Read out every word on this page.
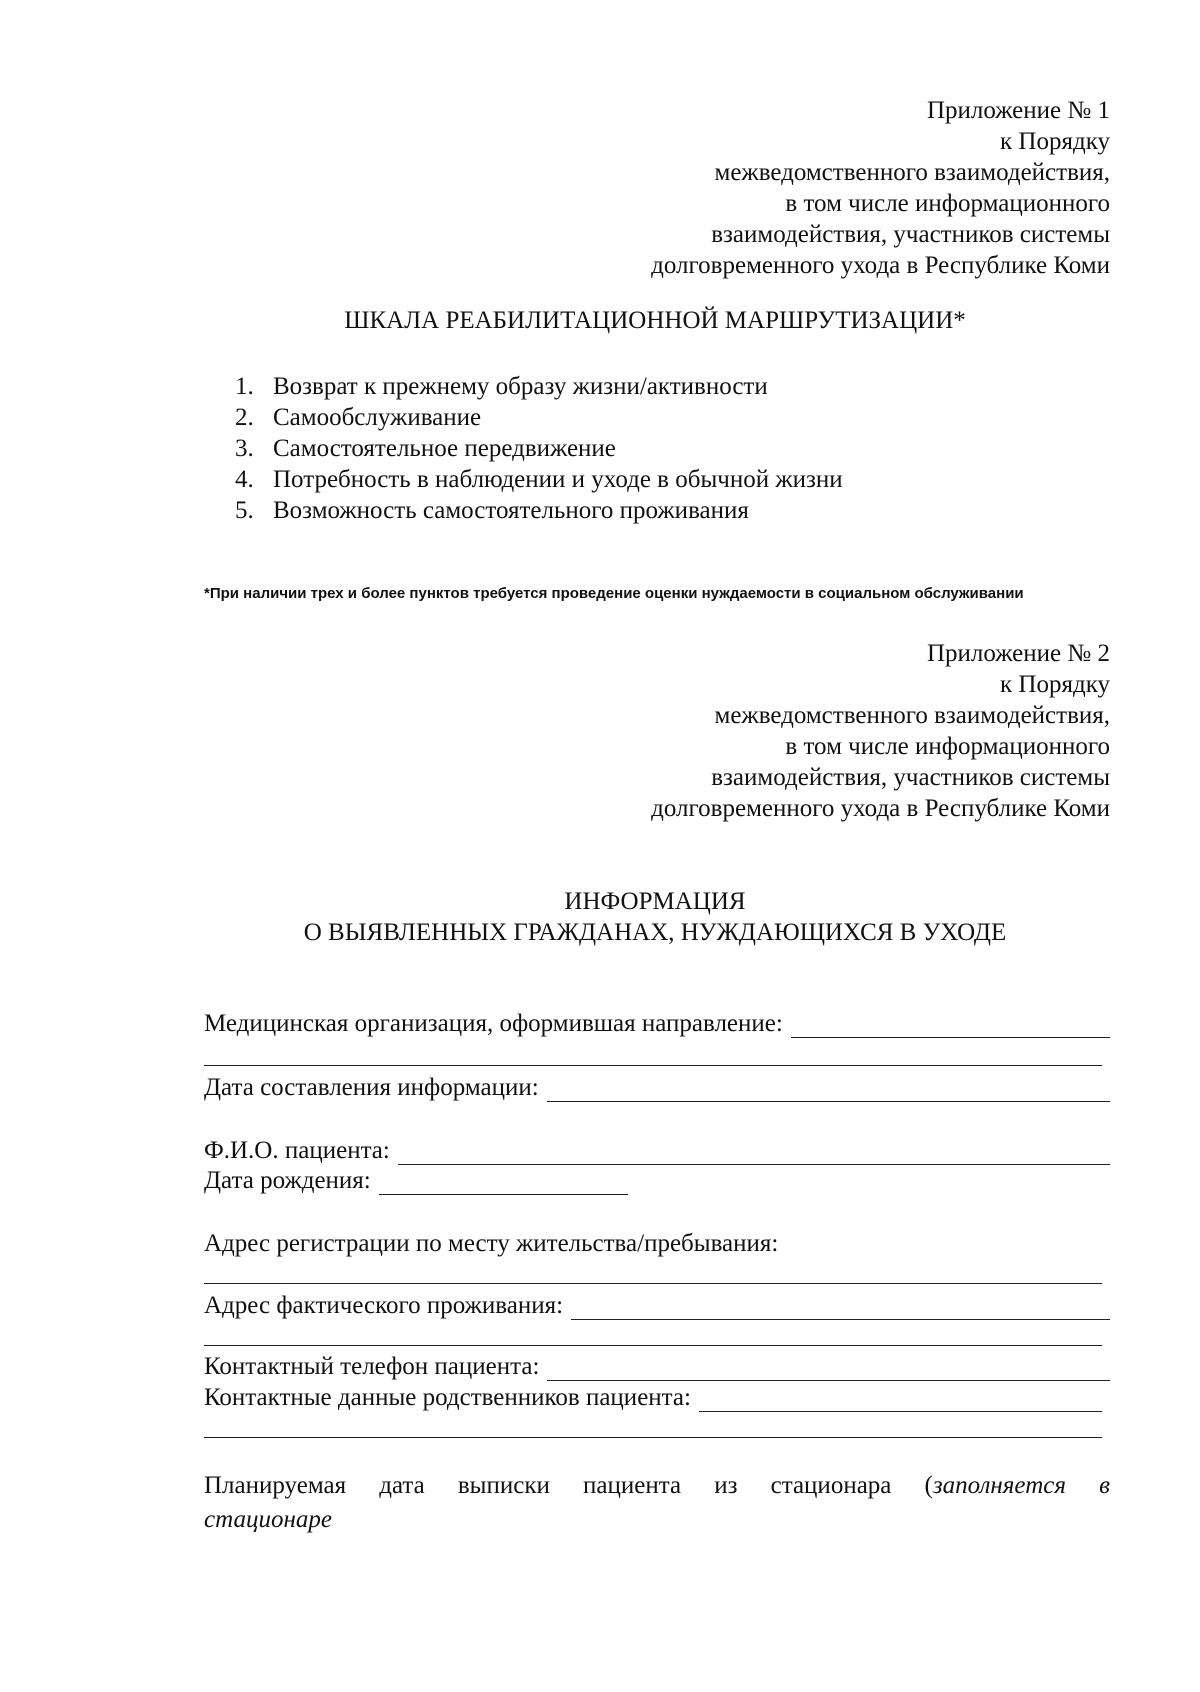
Приложение № 1
к Порядку
межведомственного взаимодействия,
в том числе информационного
взаимодействия, участников системы
долговременного ухода в Республике Коми
ШКАЛА РЕАБИЛИТАЦИОННОЙ МАРШРУТИЗАЦИИ*
1. Возврат к прежнему образу жизни/активности
2. Самообслуживание
3. Самостоятельное передвижение
4. Потребность в наблюдении и уходе в обычной жизни
5. Возможность самостоятельного проживания
*При наличии трех и более пунктов требуется проведение оценки нуждаемости в социальном обслуживании
Приложение № 2
к Порядку
межведомственного взаимодействия,
в том числе информационного
взаимодействия, участников системы
долговременного ухода в Республике Коми
ИНФОРМАЦИЯ
О ВЫЯВЛЕННЫХ ГРАЖДАНАХ, НУЖДАЮЩИХСЯ В УХОДЕ
Медицинская организация, оформившая направление:
Дата составления информации:
Ф.И.О. пациента:
Дата рождения:
Адрес регистрации по месту жительства/пребывания:
Адрес фактического проживания:
Контактный телефон пациента:
Контактные данные родственников пациента:
Планируемая дата выписки пациента из стационара (заполняется в
стационаре
